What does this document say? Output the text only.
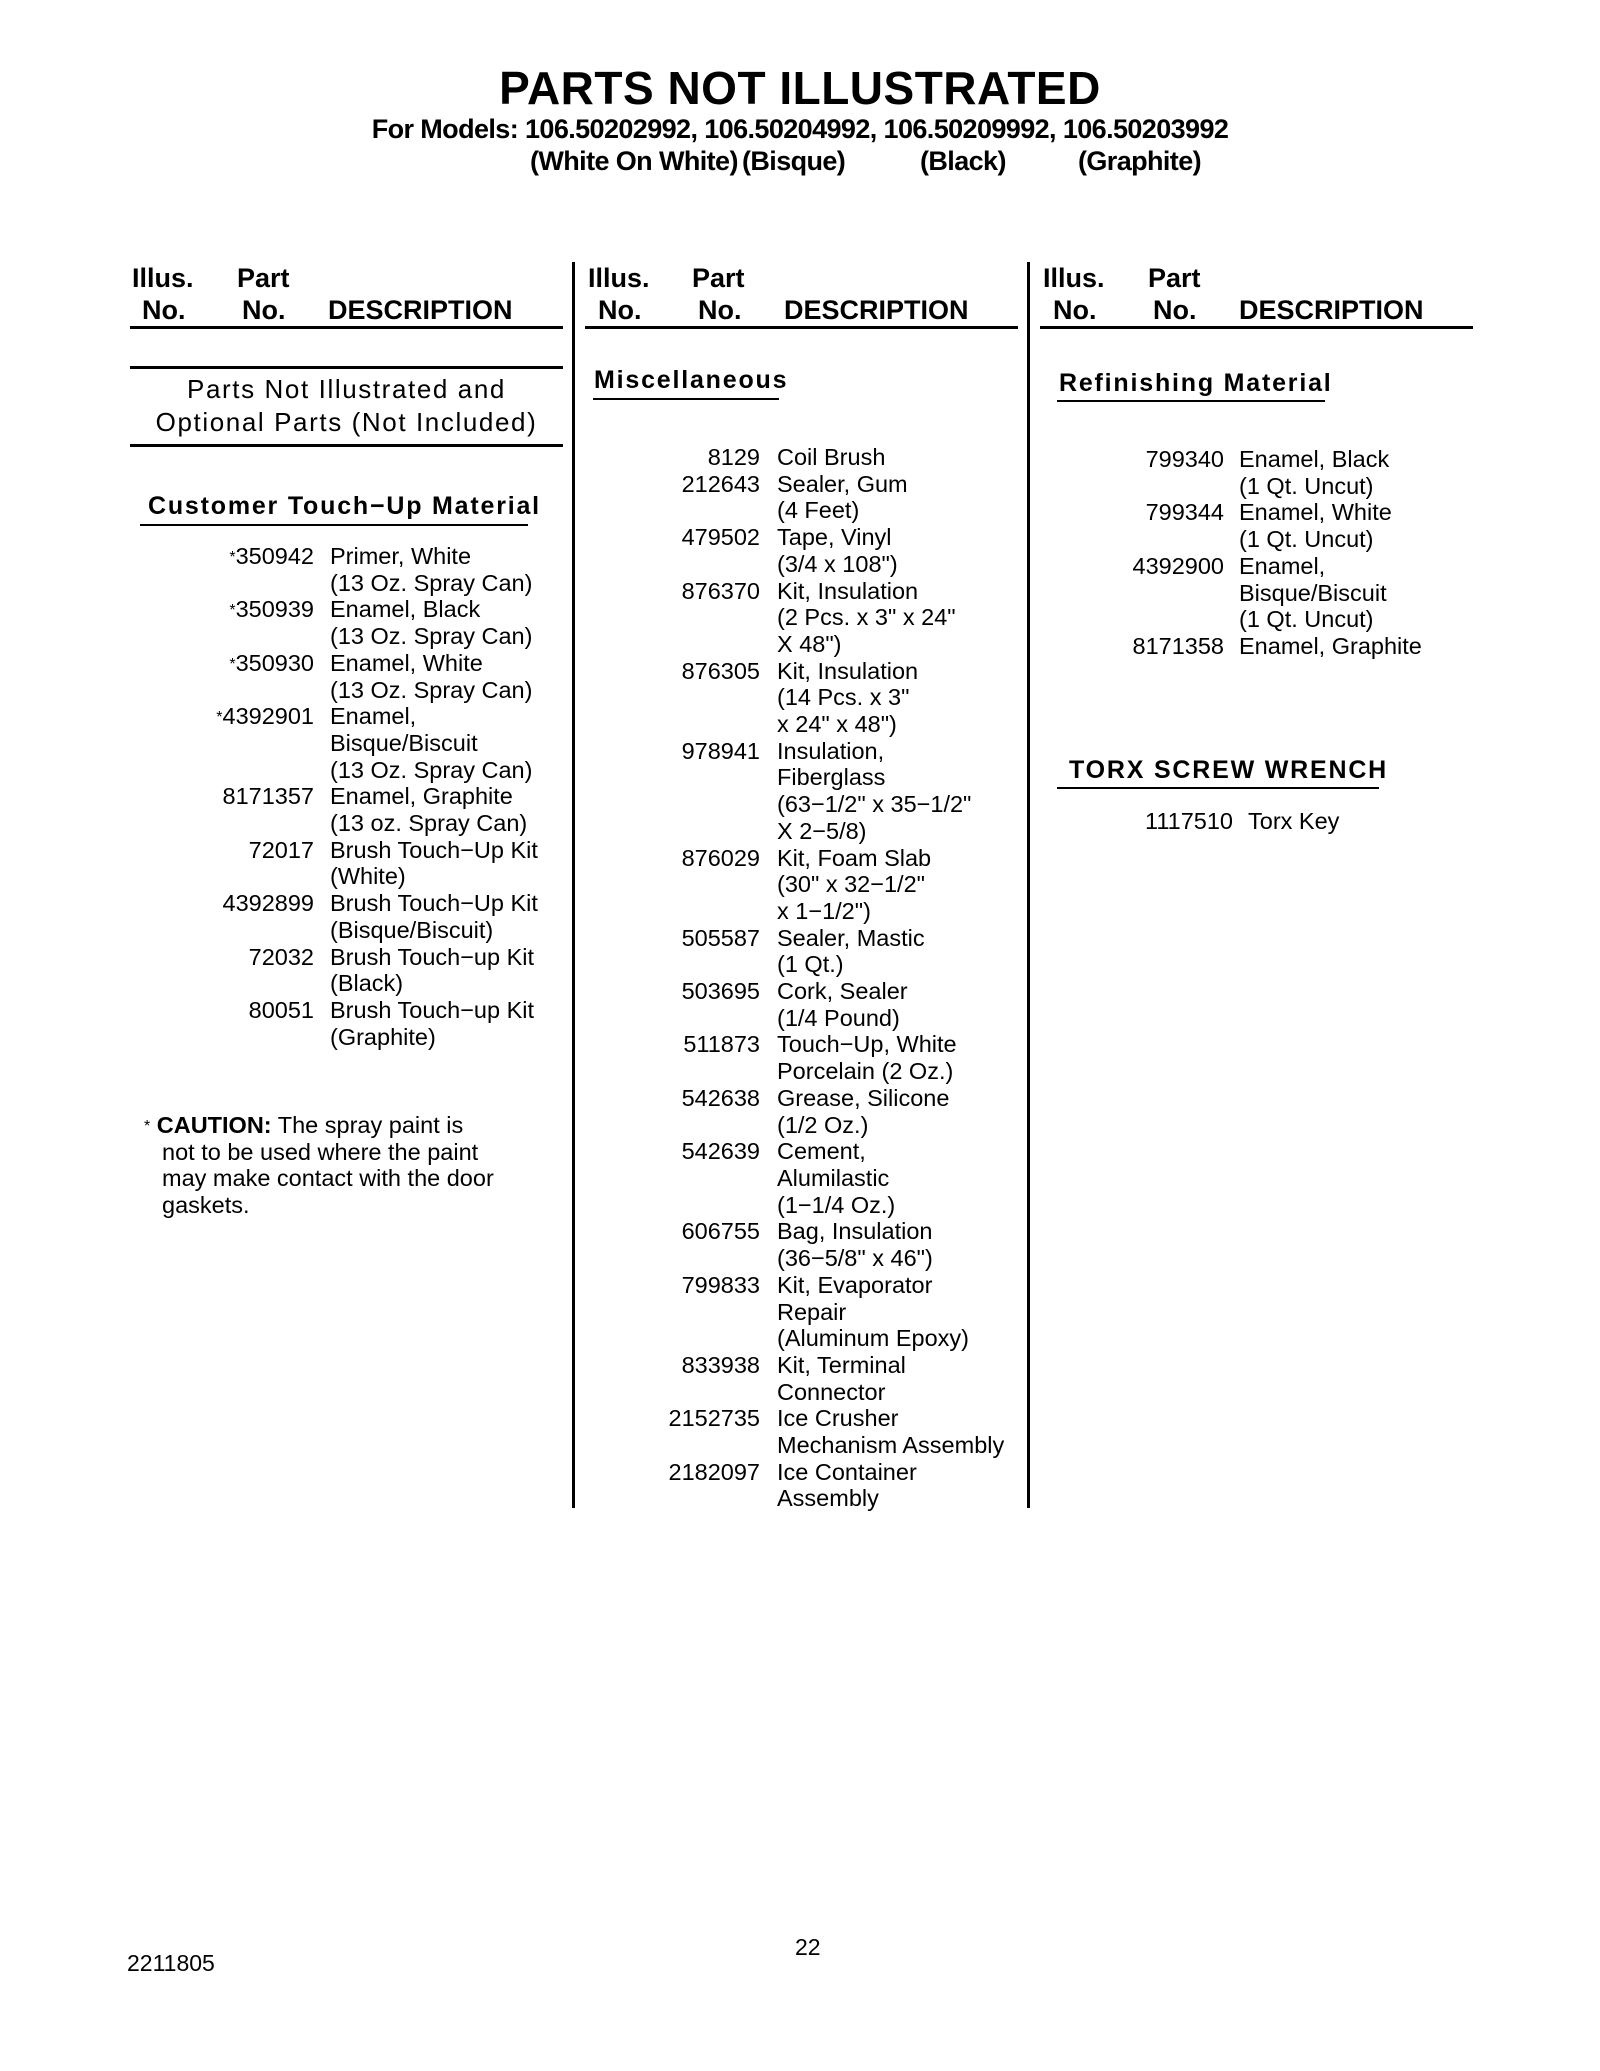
PARTS NOT ILLUSTRATED
For Models: 106.50202992, 106.50204992, 106.50209992, 106.50203992
(White On White) (Bisque)	(Black)	(Graphite)
Illus. Part
No. No. DESCRIPTION
Illus. Part
No. No. DESCRIPTION
Illus. Part
No. No. DESCRIPTION
Parts Not Illustrated and
Optional Parts (Not Included)
Customer Touch−Up Material
*350942 Primer, White
(13 Oz. Spray Can)
*350939 Enamel, Black
(13 Oz. Spray Can)
*350930 Enamel, White
(13 Oz. Spray Can)
*4392901 Enamel,
Bisque/Biscuit
(13 Oz. Spray Can)
8171357 Enamel, Graphite
(13 oz. Spray Can)
72017 Brush Touch−Up Kit
(White)
4392899 Brush Touch−Up Kit
(Bisque/Biscuit)
72032 Brush Touch−up Kit
(Black)
80051 Brush Touch−up Kit
(Graphite)
* CAUTION: The spray paint is
not to be used where the paint
may make contact with the door
gaskets.
Miscellaneous
8129 Coil Brush
212643 Sealer, Gum
(4 Feet)
479502 Tape, Vinyl
(3/4 x 108")
876370 Kit, Insulation
(2 Pcs. x 3" x 24"
X 48")
876305 Kit, Insulation
(14 Pcs. x 3"
x 24" x 48")
978941 Insulation,
Fiberglass
(63−1/2" x 35−1/2"
X 2−5/8)
876029 Kit, Foam Slab
(30" x 32−1/2"
x 1−1/2")
505587 Sealer, Mastic
(1 Qt.)
503695 Cork, Sealer
(1/4 Pound)
511873 Touch−Up, White
Porcelain (2 Oz.)
542638 Grease, Silicone
(1/2 Oz.)
542639 Cement,
Alumilastic
(1−1/4 Oz.)
606755 Bag, Insulation
(36−5/8" x 46")
799833 Kit, Evaporator
Repair
(Aluminum Epoxy)
833938 Kit, Terminal
Connector
2152735 Ice Crusher
Mechanism Assembly
2182097 Ice Container
Assembly
Refinishing Material
799340 Enamel, Black
(1 Qt. Uncut)
799344 Enamel, White
(1 Qt. Uncut)
4392900 Enamel,
Bisque/Biscuit
(1 Qt. Uncut)
8171358 Enamel, Graphite
TORX SCREW WRENCH
1117510 Torx Key
2211805
22
